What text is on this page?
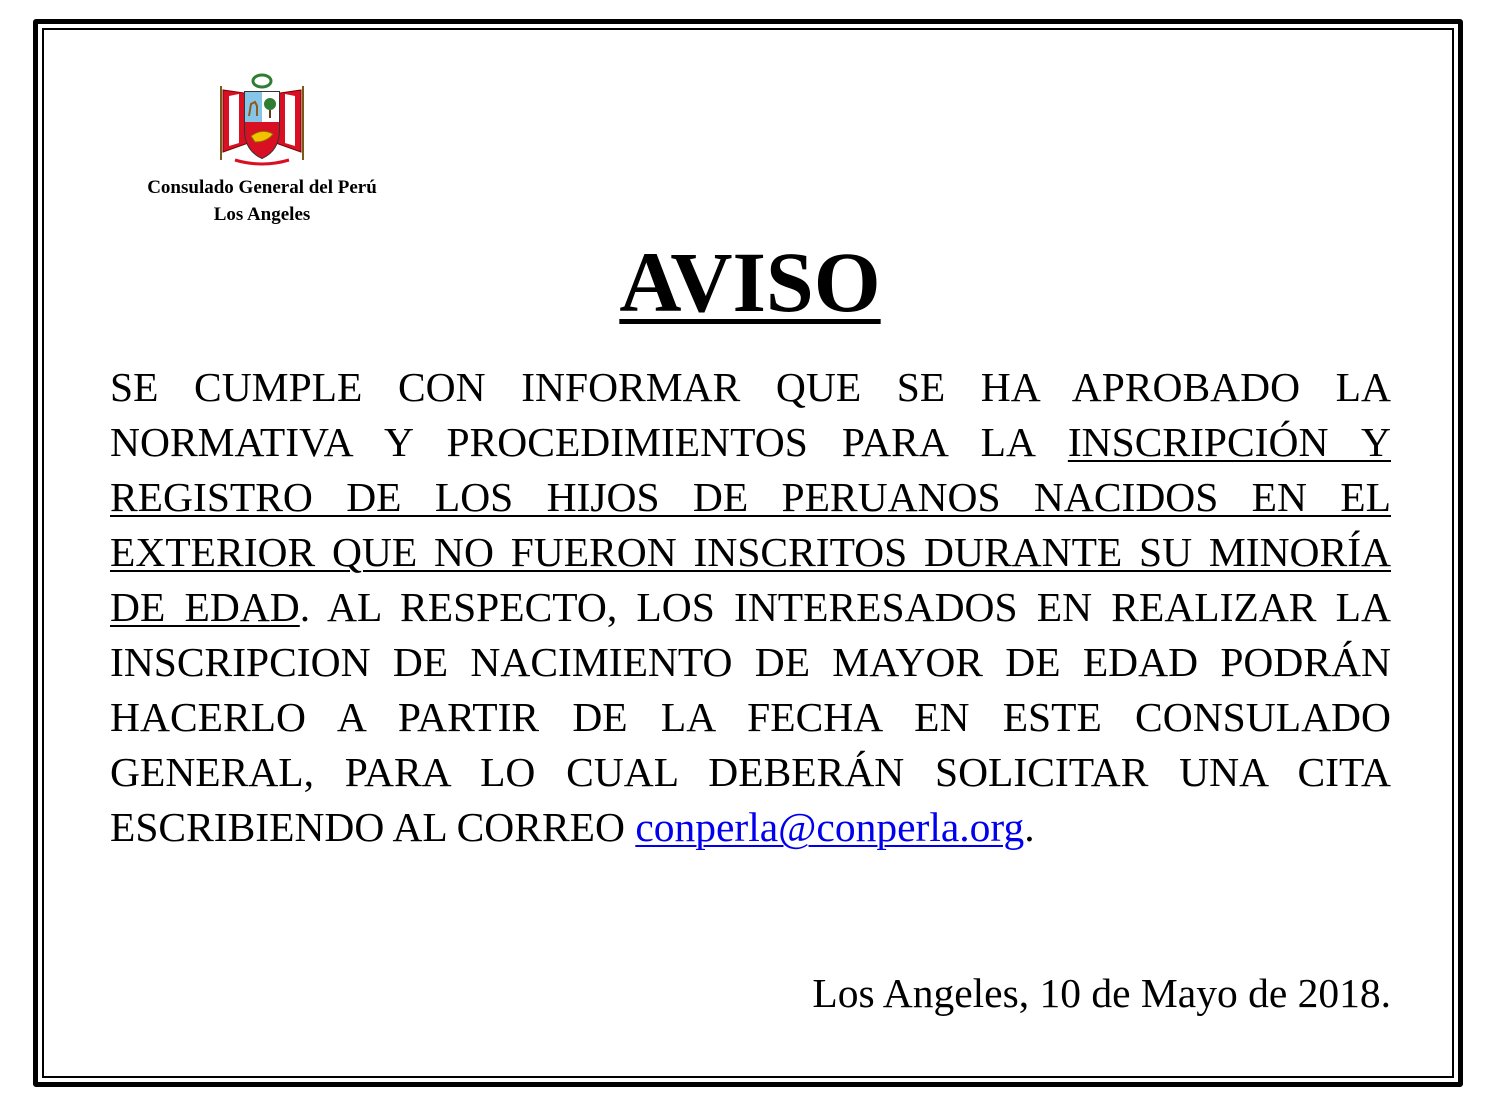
Consulado General del Perú
Los Angeles
AVISO
SE CUMPLE CON INFORMAR QUE SE HA APROBADO LA NORMATIVA Y PROCEDIMIENTOS PARA LA INSCRIPCIÓN Y REGISTRO DE LOS HIJOS DE PERUANOS NACIDOS EN EL EXTERIOR QUE NO FUERON INSCRITOS DURANTE SU MINORÍA DE EDAD. AL RESPECTO, LOS INTERESADOS EN REALIZAR LA INSCRIPCION DE NACIMIENTO DE MAYOR DE EDAD PODRÁN HACERLO A PARTIR DE LA FECHA EN ESTE CONSULADO GENERAL, PARA LO CUAL DEBERÁN SOLICITAR UNA CITA ESCRIBIENDO AL CORREO conperla@conperla.org.
Los Angeles, 10 de Mayo de 2018.
